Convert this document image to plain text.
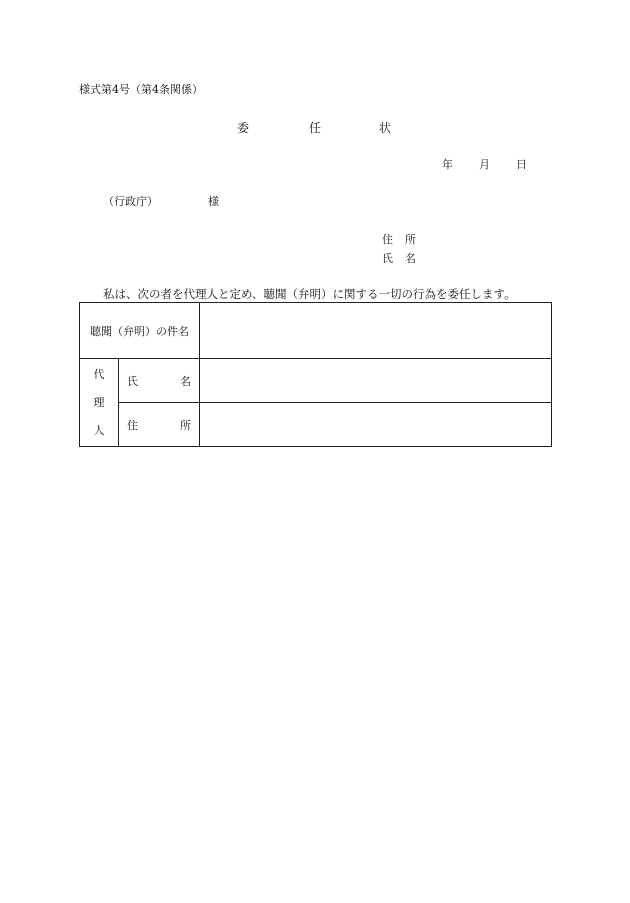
様式第4号（第4条関係）
委	任	状
年 月 日
（行政庁）	様
住 所
氏 名
私は、次の者を代理人と定め、聴聞（弁明）に関する一切の行為を委任します。
聴聞（弁明）の件名		

代
理
人	氏 名	

	住 所	
